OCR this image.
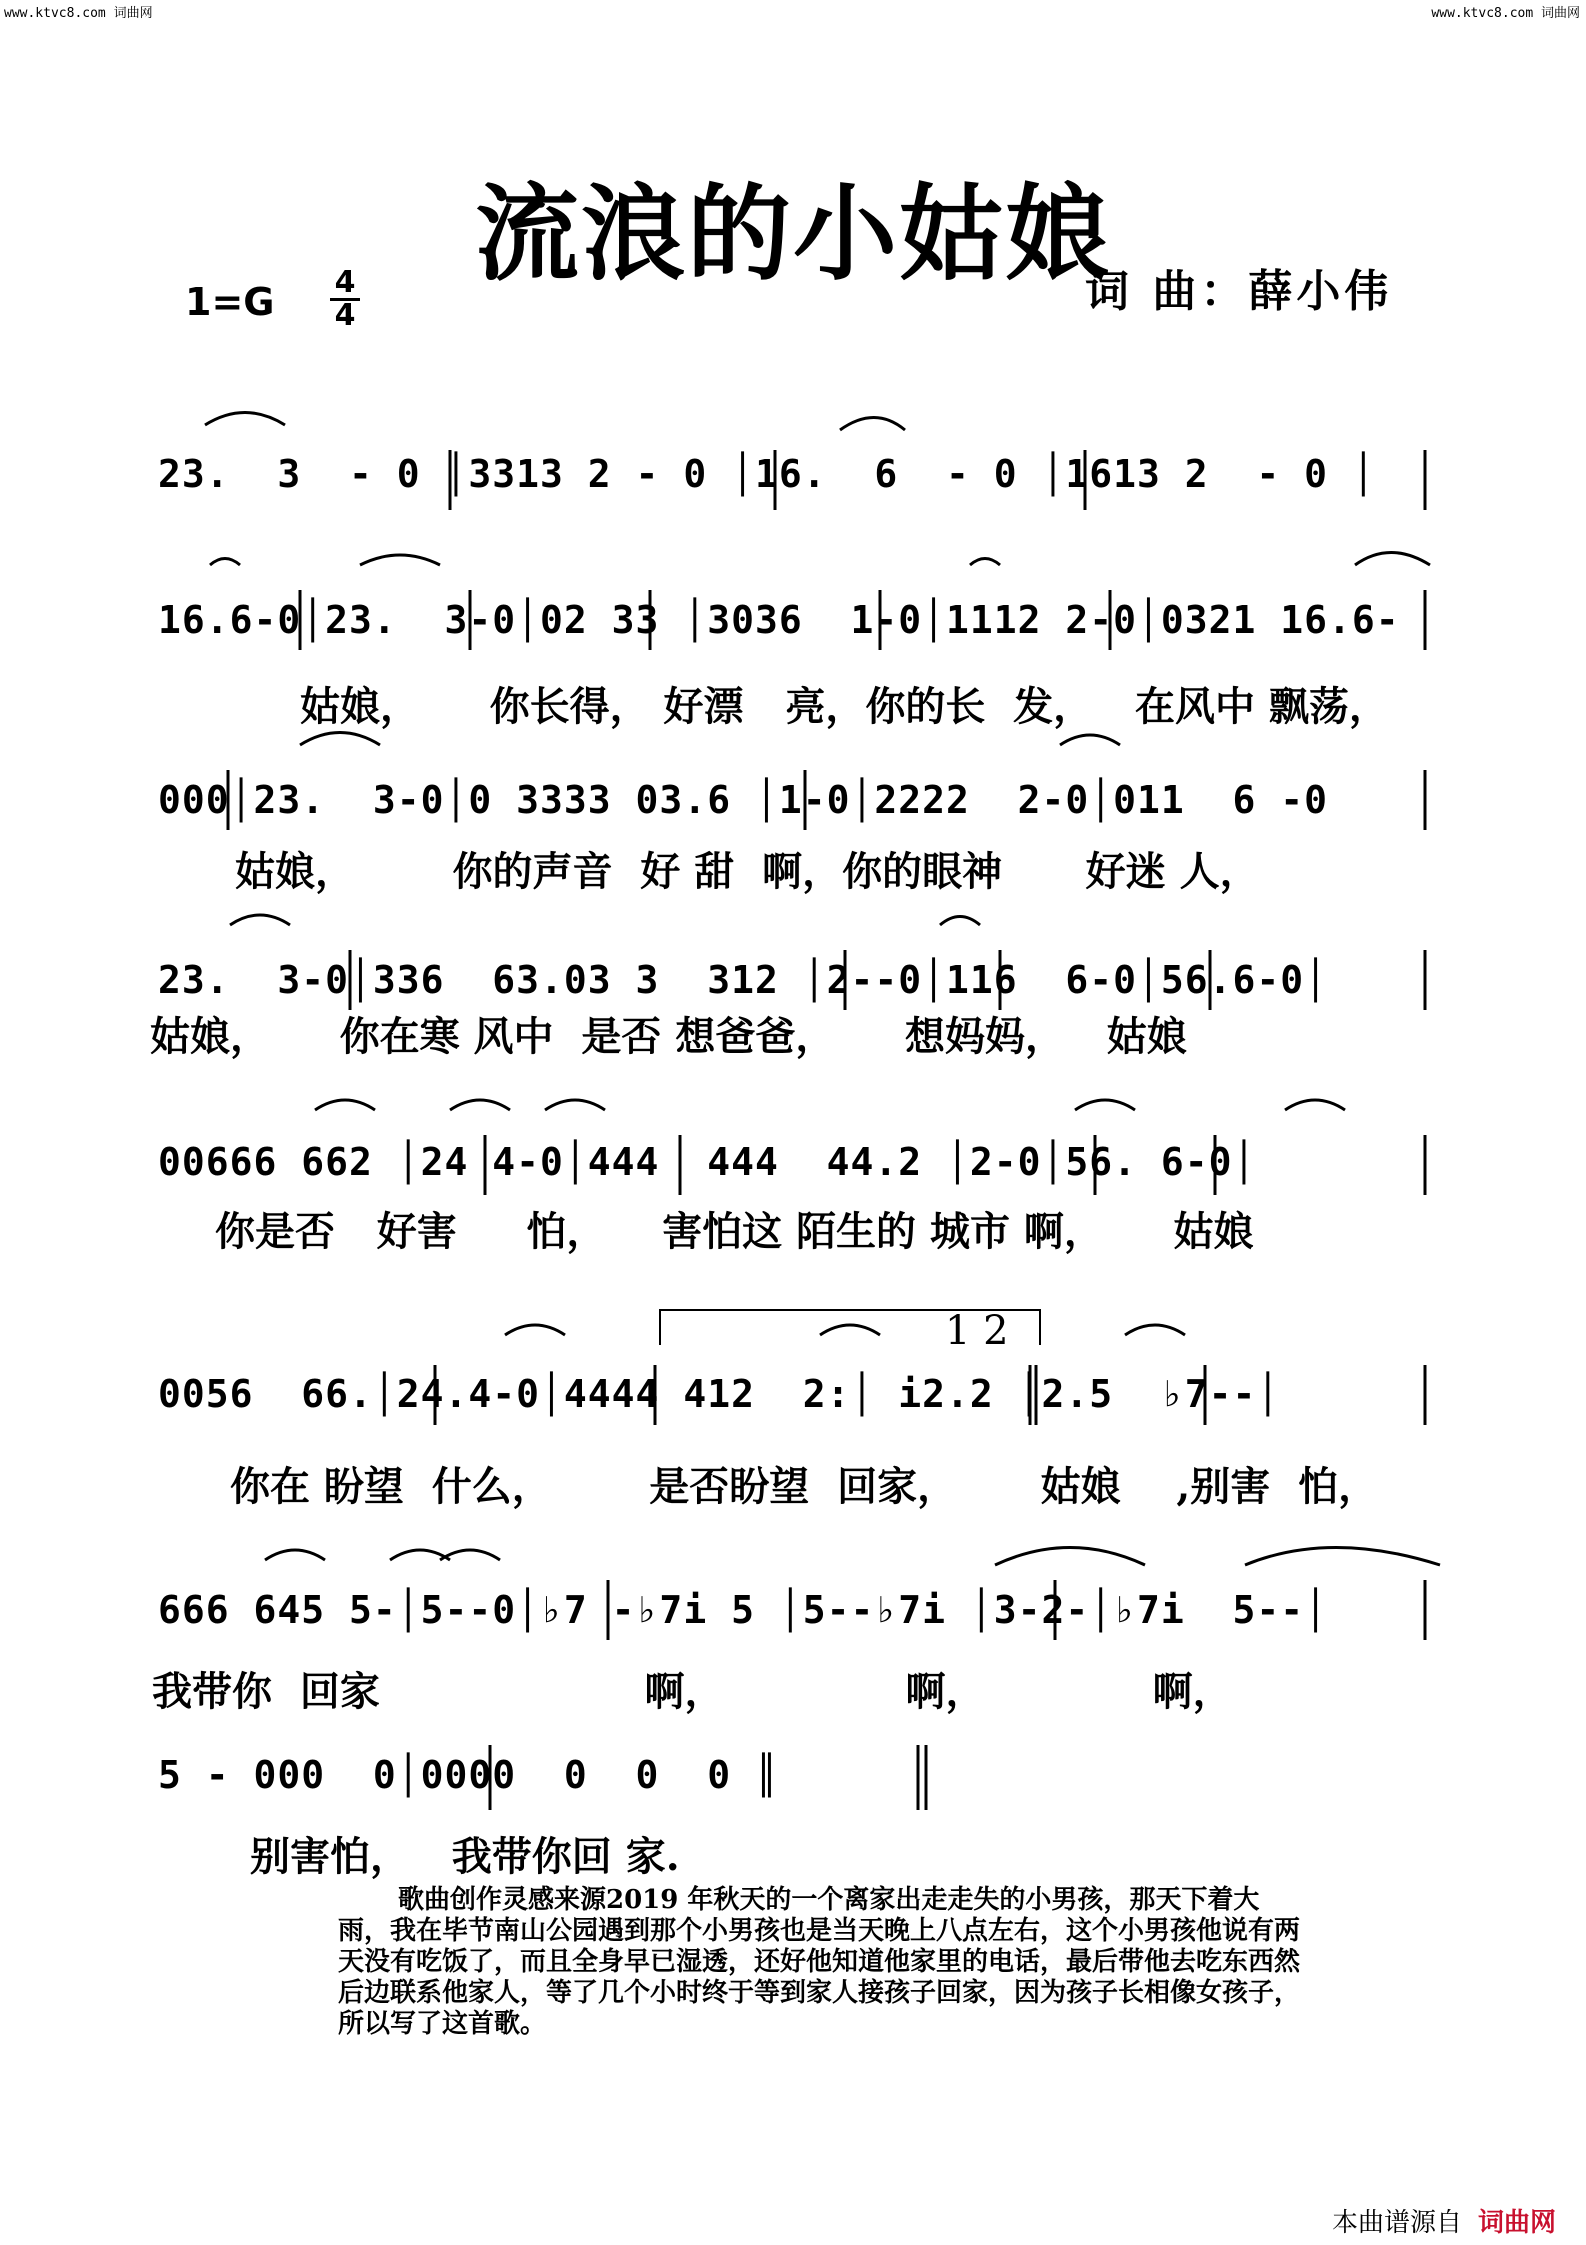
www.ktvc8.com 词曲网	www.ktvc8.com 词曲网
流浪的小姑娘
1=G 4
4	词 曲：薛小伟
1 2
23.  3  - 0 │3313 2 - 0 │16.  6  - 0 │1613 2  - 0 │
16.6-0│23.  3-0│02 33 │3036  1-0│1112 2-0│0321 16.6-
姑娘，     你长得， 好漂   亮，你的长  发，   在风中 飘荡，
000│23.  3-0│0 3333 03.6 │1-0│2222  2-0│011  6 -0
姑娘，       你的声音  好 甜  啊，你的眼神      好迷 人，
23.  3-0│336  63.03 3  312 │2--0│116  6-0│56.6-0│
姑娘，     你在寒 风中  是否 想爸爸，     想妈妈，   姑娘
00666 662 │24 4-0│444  444  44.2 │2-0│56. 6-0│
你是否   好害     怕，    害怕这 陌生的 城市 啊，     姑娘
0056  66.│24.4-0│4444 412  2:│ i2.2 │2.5  ♭7--│
你在 盼望  什么，       是否盼望  回家，      姑娘    ,别害  怕，
666 645 5-│5--0│♭7 -♭7i 5 │5--♭7i │3-2-│♭7i  5--│
我带你  回家                   啊，             啊，            啊，
5 - 000  0│0000  0  0  0 ║
别害怕，   我带你回 家.
歌曲创作灵感来源2019 年秋天的一个离家出走走失的小男孩，那天下着大雨，我在毕节南山公园遇到那个小男孩也是当天晚上八点左右，这个小男孩他说有两天没有吃饭了，而且全身早已湿透，还好他知道他家里的电话，最后带他去吃东西然后边联系他家人，等了几个小时终于等到家人接孩子回家，因为孩子长相像女孩子，所以写了这首歌。
本曲谱源自 词曲网
